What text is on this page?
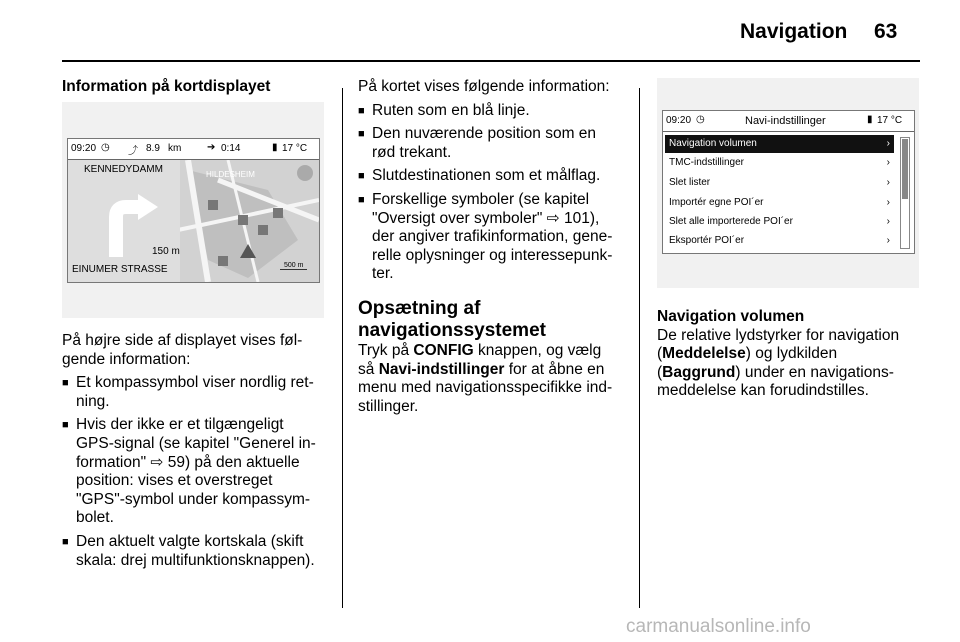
Navigation 63
Information på kortdisplayet
09:20 ◷ ⤴ 8.9 km	➔ 0:14	▮ 17 °C
KENNEDYDAMM	HILDESHEIM
150 m
EINUMER STRASSE	500 m

På højre side af displayet vises føl-

gende information:

■ Et kompassymbol viser nordlig ret-

ning.

■ Hvis der ikke er et tilgængeligt

GPS-signal (se kapitel "Generel in-

formation" ⇨ 59) på den aktuelle

position: vises et overstreget

"GPS"-symbol under kompassym-

bolet.

■ Den aktuelt valgte kortskala (skift

skala: drej multifunktionsknappen).

På kortet vises følgende information:

■ Ruten som en blå linje.

■ Den nuværende position som en

rød trekant.

■ Slutdestinationen som et målflag.

■ Forskellige symboler (se kapitel

"Oversigt over symboler" ⇨ 101),

der angiver trafikinformation, gene-

relle oplysninger og interessepunk-

ter.

Opsætning af

navigationssystemet

Tryk på CONFIG knappen, og vælg

så Navi-indstillinger for at åbne en

menu med navigationsspecifikke ind-

stillinger.

09:20 ◷	Navi-indstillinger	▮ 17 °C
Navigation volumen	›
TMC-indstillinger	›
Slet lister	›
Importér egne POI´er	›
Slet alle importerede POI´er	›
Eksportér POI´er	›

Navigation volumen

De relative lydstyrker for navigation

(Meddelelse) og lydkilden

(Baggrund) under en navigations-

meddelelse kan forudindstilles.

carmanualsonline.info
